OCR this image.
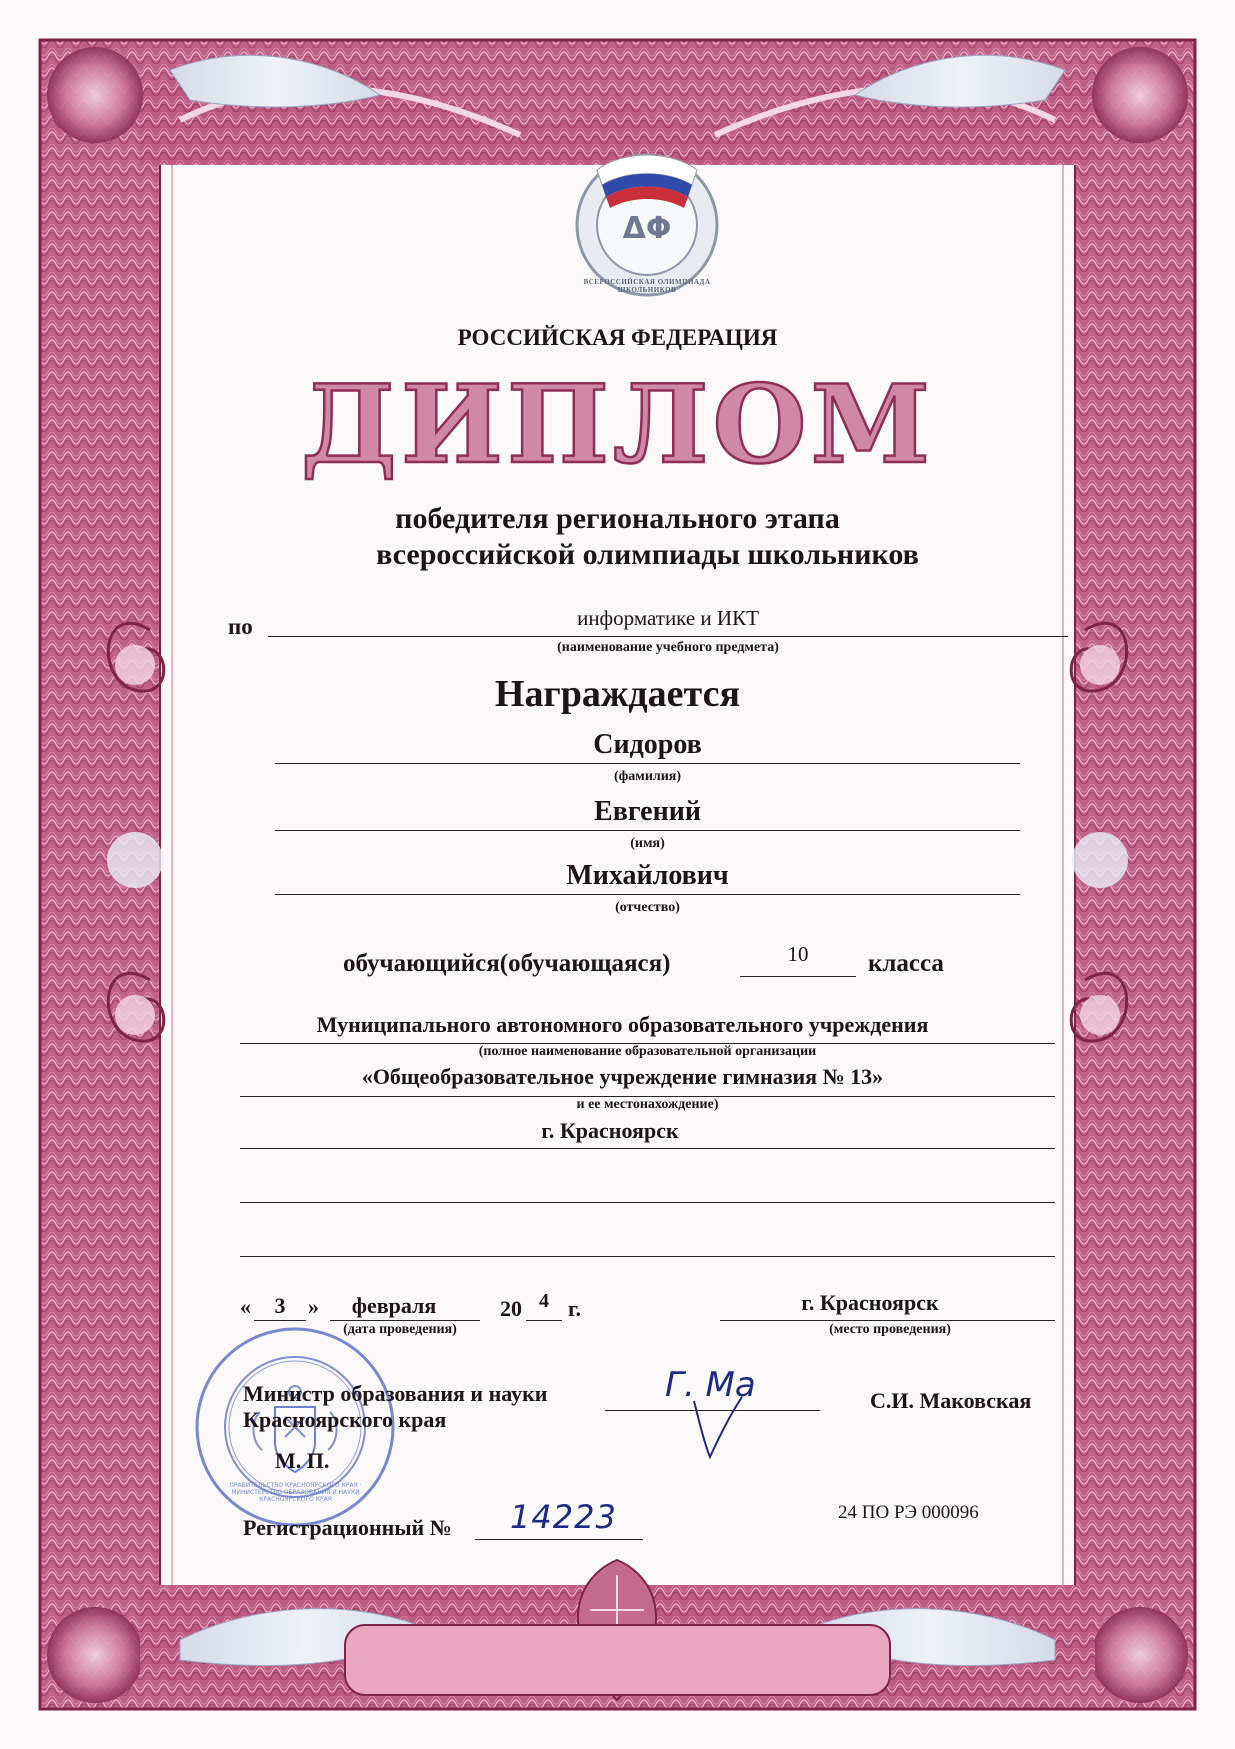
ΔΦ
ВСЕРОССИЙСКАЯ ОЛИМПИАДА ШКОЛЬНИКОВ
РОССИЙСКАЯ ФЕДЕРАЦИЯ
ДИПЛОМ
победителя регионального этапа
всероссийской олимпиады школьников
по	информатике и ИКТ
(наименование учебного предмета)
Награждается
Сидоров
(фамилия)
Евгений
(имя)
Михайлович
(отчество)
обучающийся(обучающаяся)	10	класса
Муниципального автономного образовательного учреждения
(полное наименование образовательной организации
«Общеобразовательное учреждение гимназия № 13»
и ее местонахождение)
г. Красноярск
«	3	»	февраля	20 4 г.
(дата проведения)
г. Красноярск
(место проведения)
ПРАВИТЕЛЬСТВО КРАСНОЯРСКОГО КРАЯ · МИНИСТЕРСТВО ОБРАЗОВАНИЯ И НАУКИ КРАСНОЯРСКОГО КРАЯ
Министр образования и науки
Красноярского края
Г. Ма	С.И. Маковская
М. П.
Регистрационный № 14223	24 ПО РЭ 000096
